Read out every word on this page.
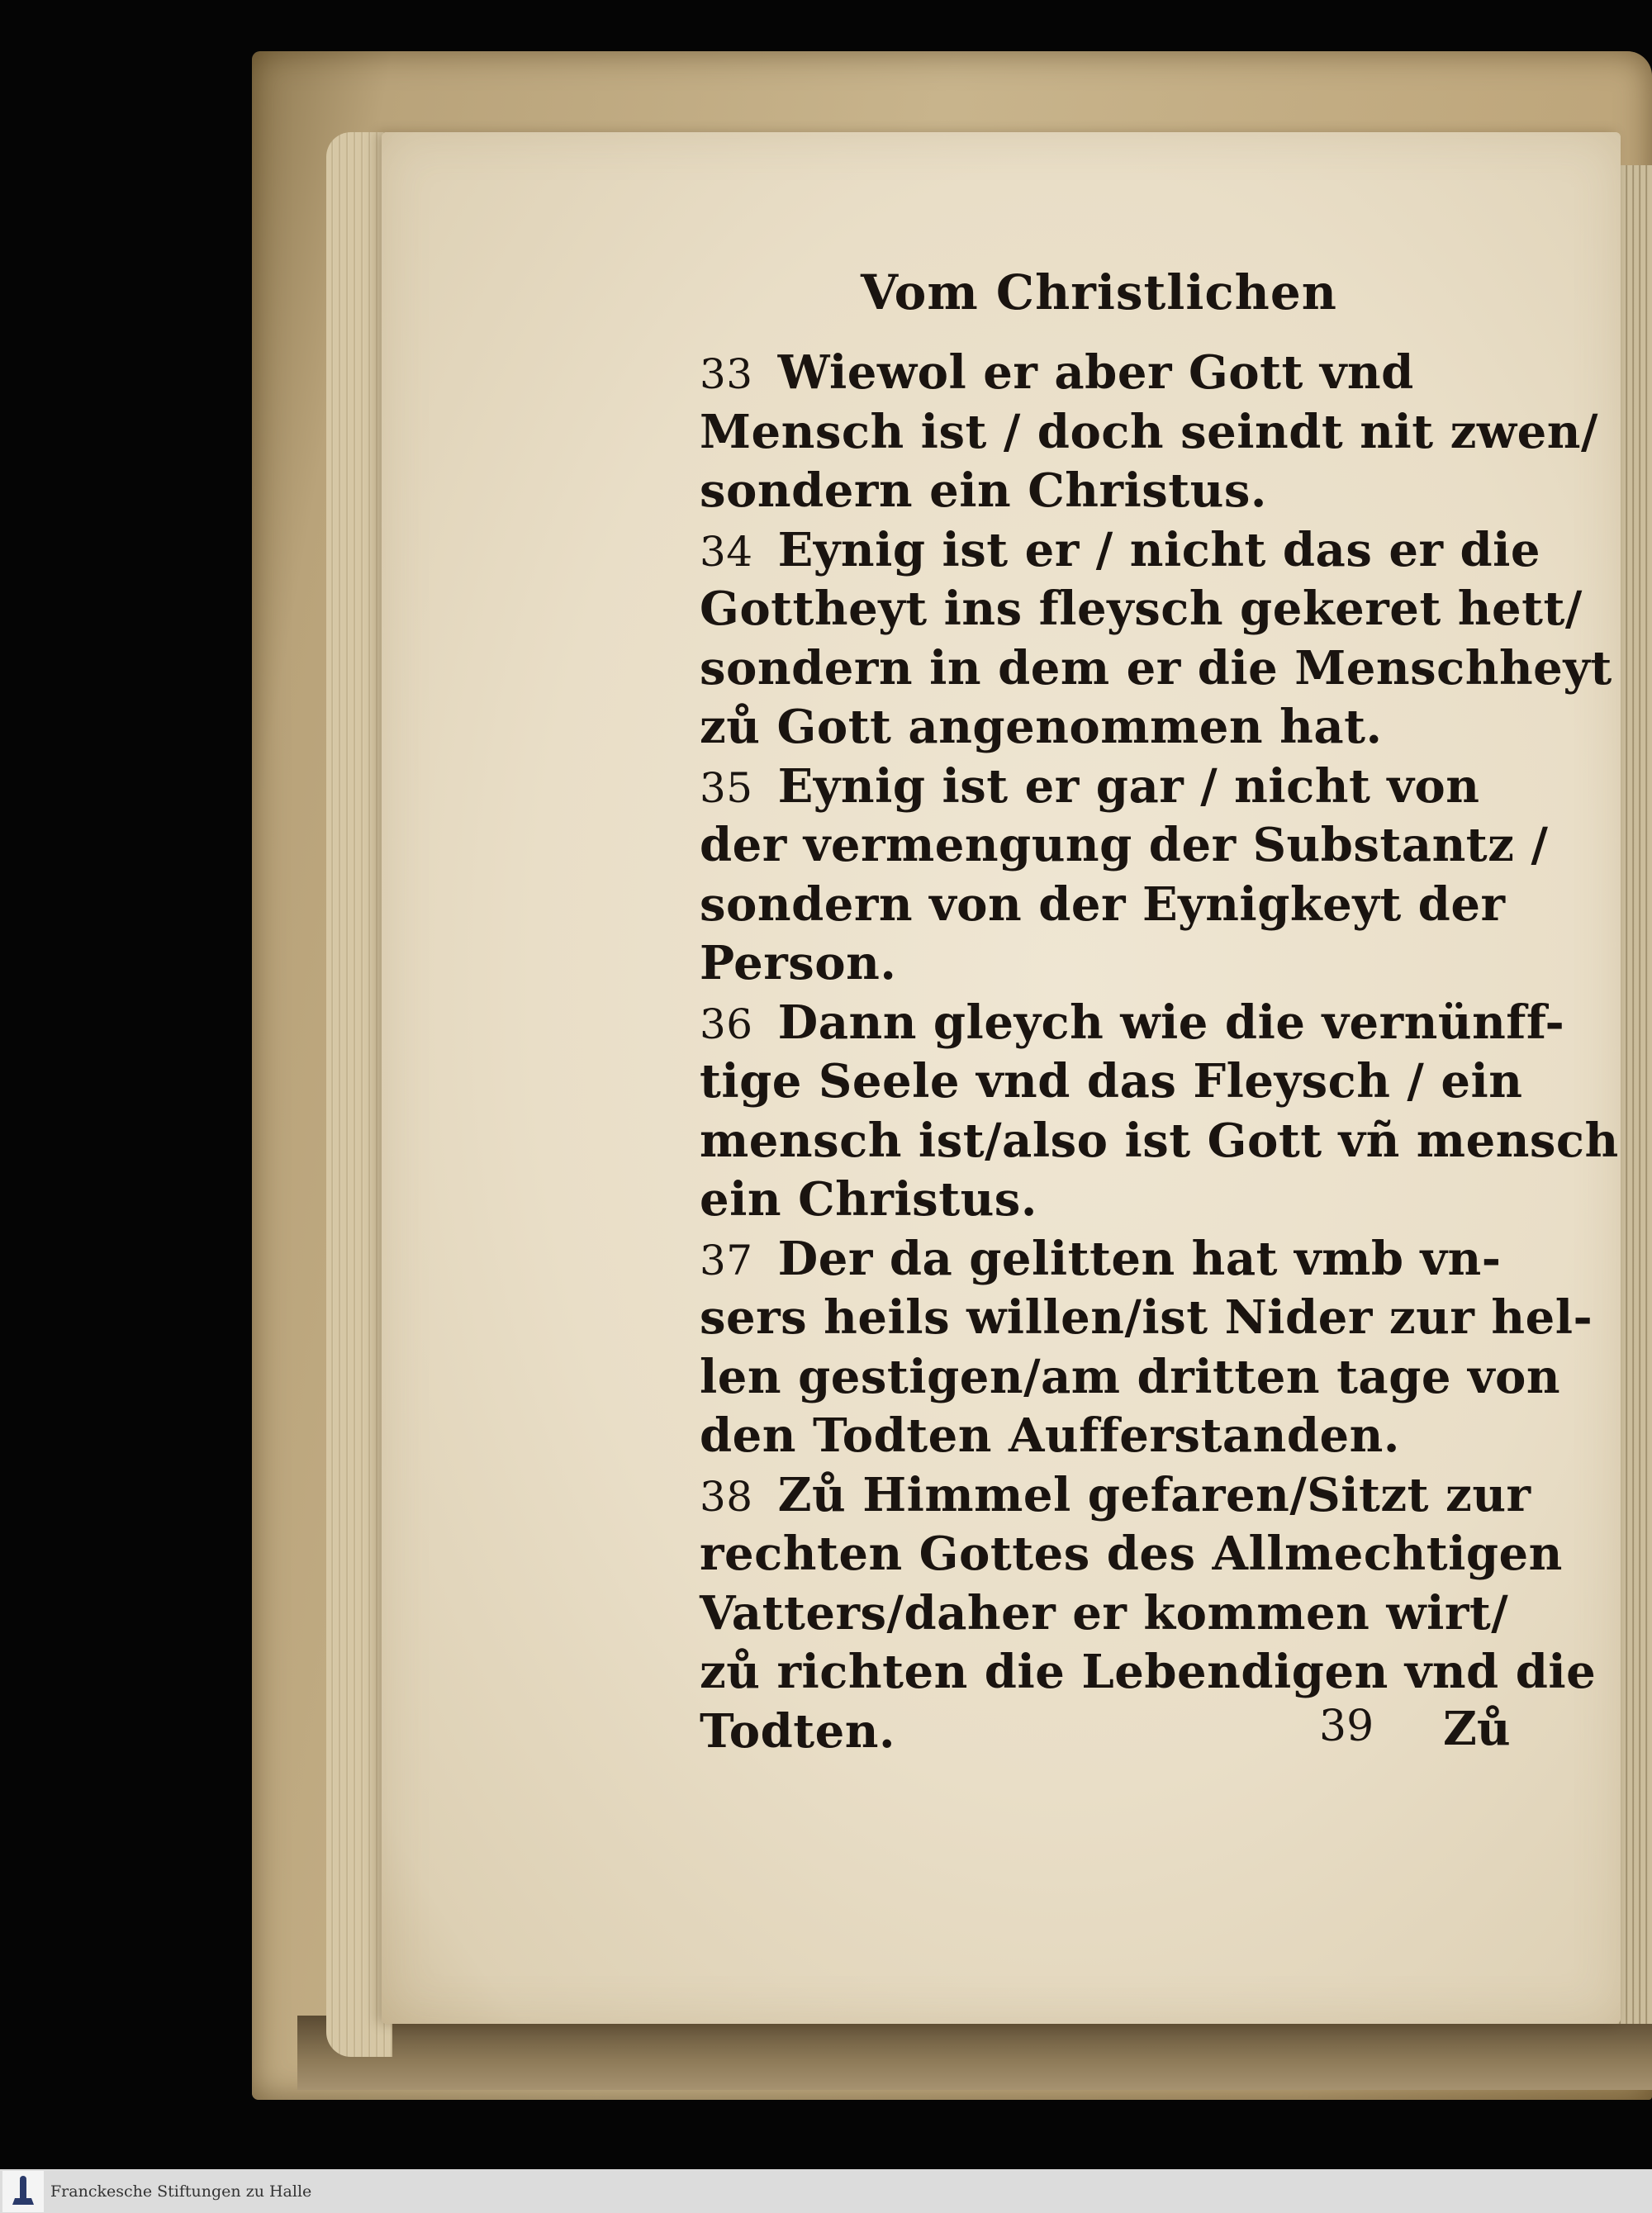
Vom Christlichen
33 Wiewol er aber Gott vnd
Mensch ist / doch seindt nit zwen/
sondern ein Christus.
34 Eynig ist er / nicht das er die
Gottheyt ins fleysch gekeret hett/
sondern in dem er die Menschheyt
zů Gott angenommen hat.
35 Eynig ist er gar / nicht von
der vermengung der Substantz /
sondern von der Eynigkeyt der
Person.
36 Dann gleych wie die vernünff-
tige Seele vnd das Fleysch / ein
mensch ist/also ist Gott vñ mensch
ein Christus.
37 Der da gelitten hat vmb vn-
sers heils willen/ist Nider zur hel-
len gestigen/am dritten tage von
den Todten Aufferstanden.
38 Zů Himmel gefaren/Sitzt zur
rechten Gottes des Allmechtigen
Vatters/daher er kommen wirt/
zů richten die Lebendigen vnd die
Todten.	39 Zů
Franckesche Stiftungen zu Halle
